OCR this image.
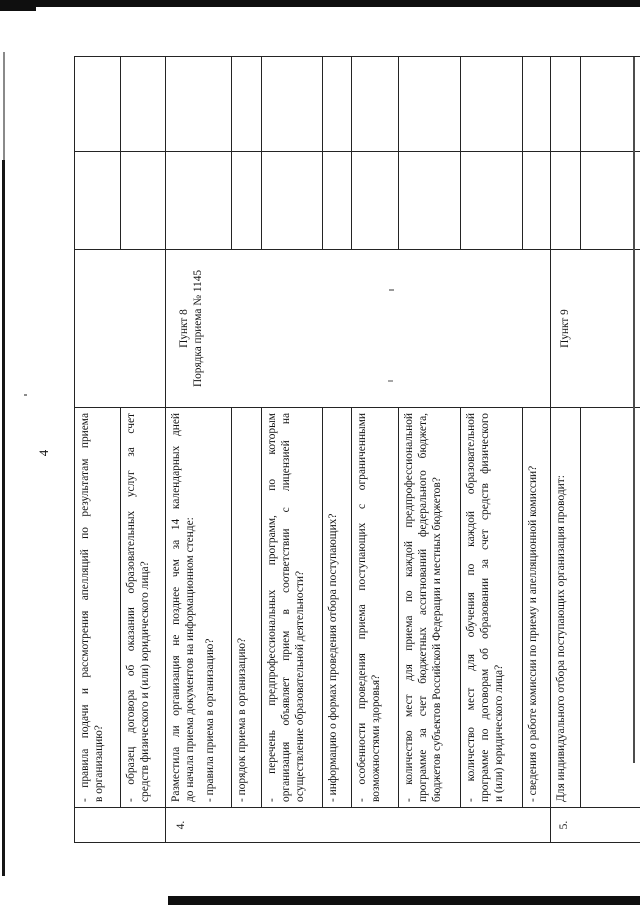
4
4.	5.
- правила подачи и рассмотрения апелляций по результатам приема в организацию? - образец договора об оказании образовательных услуг за счет средств физического и (или) юридического лица? Разместила ли организация не позднее чем за 14 календарных дней до начала приема документов на информационном стенде: - правила приема в организацию? - порядок приема в организацию? - перечень предпрофессиональных программ, по которым организация объявляет прием в соответствии с лицензией на осуществление образовательной деятельности? - информацию о формах проведения отбора поступающих? - особенности проведения приема поступающих с ограниченными возможностями здоровья? - количество мест для приема по каждой предпрофессиональной программе за счет бюджетных ассигнований федерального бюджета, бюджетов субъектов Российской Федерации и местных бюджетов? - количество мест для обучения по каждой образовательной программе по договорам об образовании за счет средств физического и (или) юридического лица? - сведения о работе комиссии по приему и апелляционной комиссии? Для индивидуального отбора поступающих организация проводит:
Пункт 8 Порядка приема № 1145	Пункт 9
